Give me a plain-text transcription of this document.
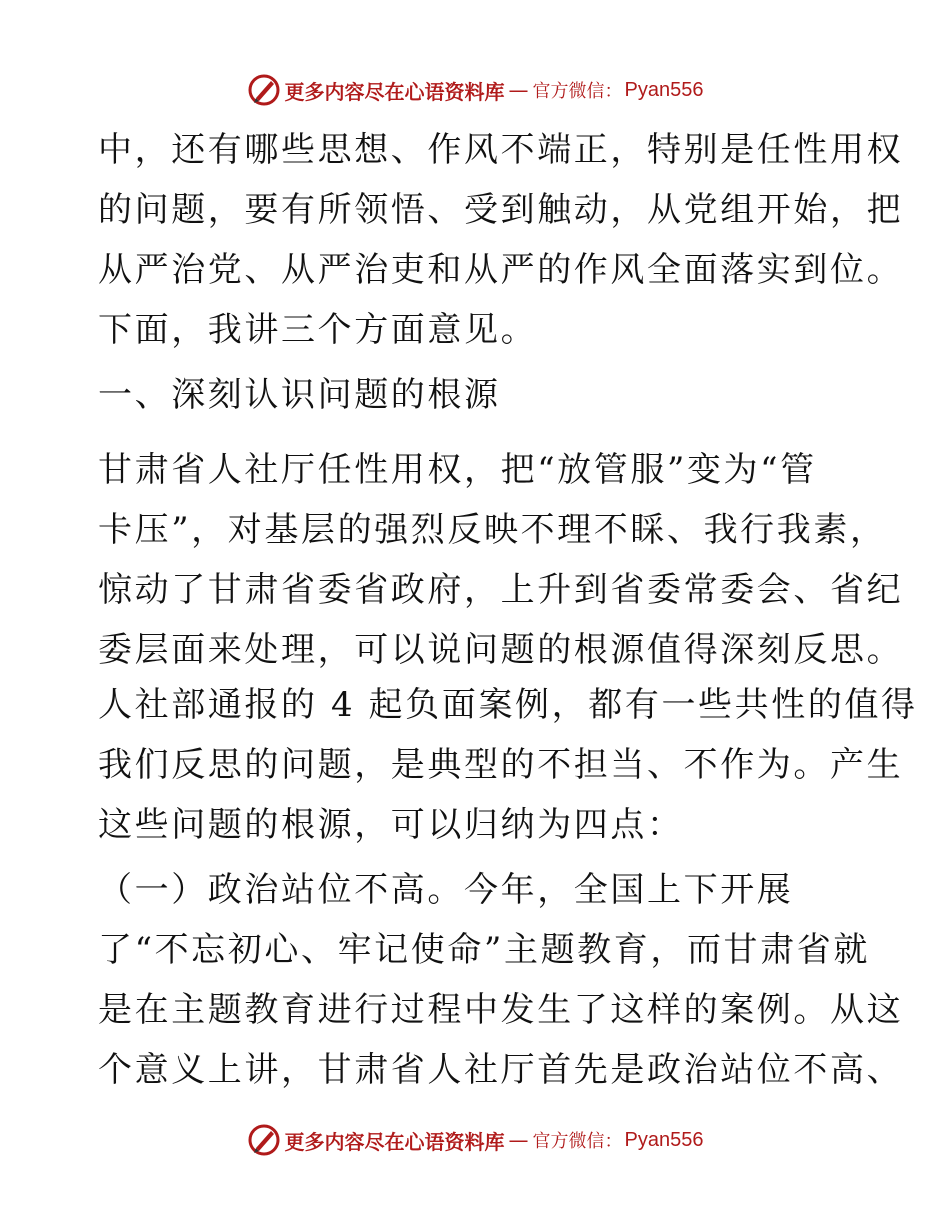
更多内容尽在心语资料库 — 官方微信： Pyan556
中，还有哪些思想、作风不端正，特别是任性用权
的问题，要有所领悟、受到触动，从党组开始，把
从严治党、从严治吏和从严的作风全面落实到位。
下面，我讲三个方面意见。
一、深刻认识问题的根源
甘肃省人社厅任性用权，把“放管服”变为“管
卡压”，对基层的强烈反映不理不睬、我行我素，
惊动了甘肃省委省政府，上升到省委常委会、省纪
委层面来处理，可以说问题的根源值得深刻反思。
人社部通报的 4 起负面案例，都有一些共性的值得
我们反思的问题，是典型的不担当、不作为。产生
这些问题的根源，可以归纳为四点：
（一）政治站位不高。今年，全国上下开展
了“不忘初心、牢记使命”主题教育，而甘肃省就
是在主题教育进行过程中发生了这样的案例。从这
个意义上讲，甘肃省人社厅首先是政治站位不高、
更多内容尽在心语资料库 — 官方微信： Pyan556
